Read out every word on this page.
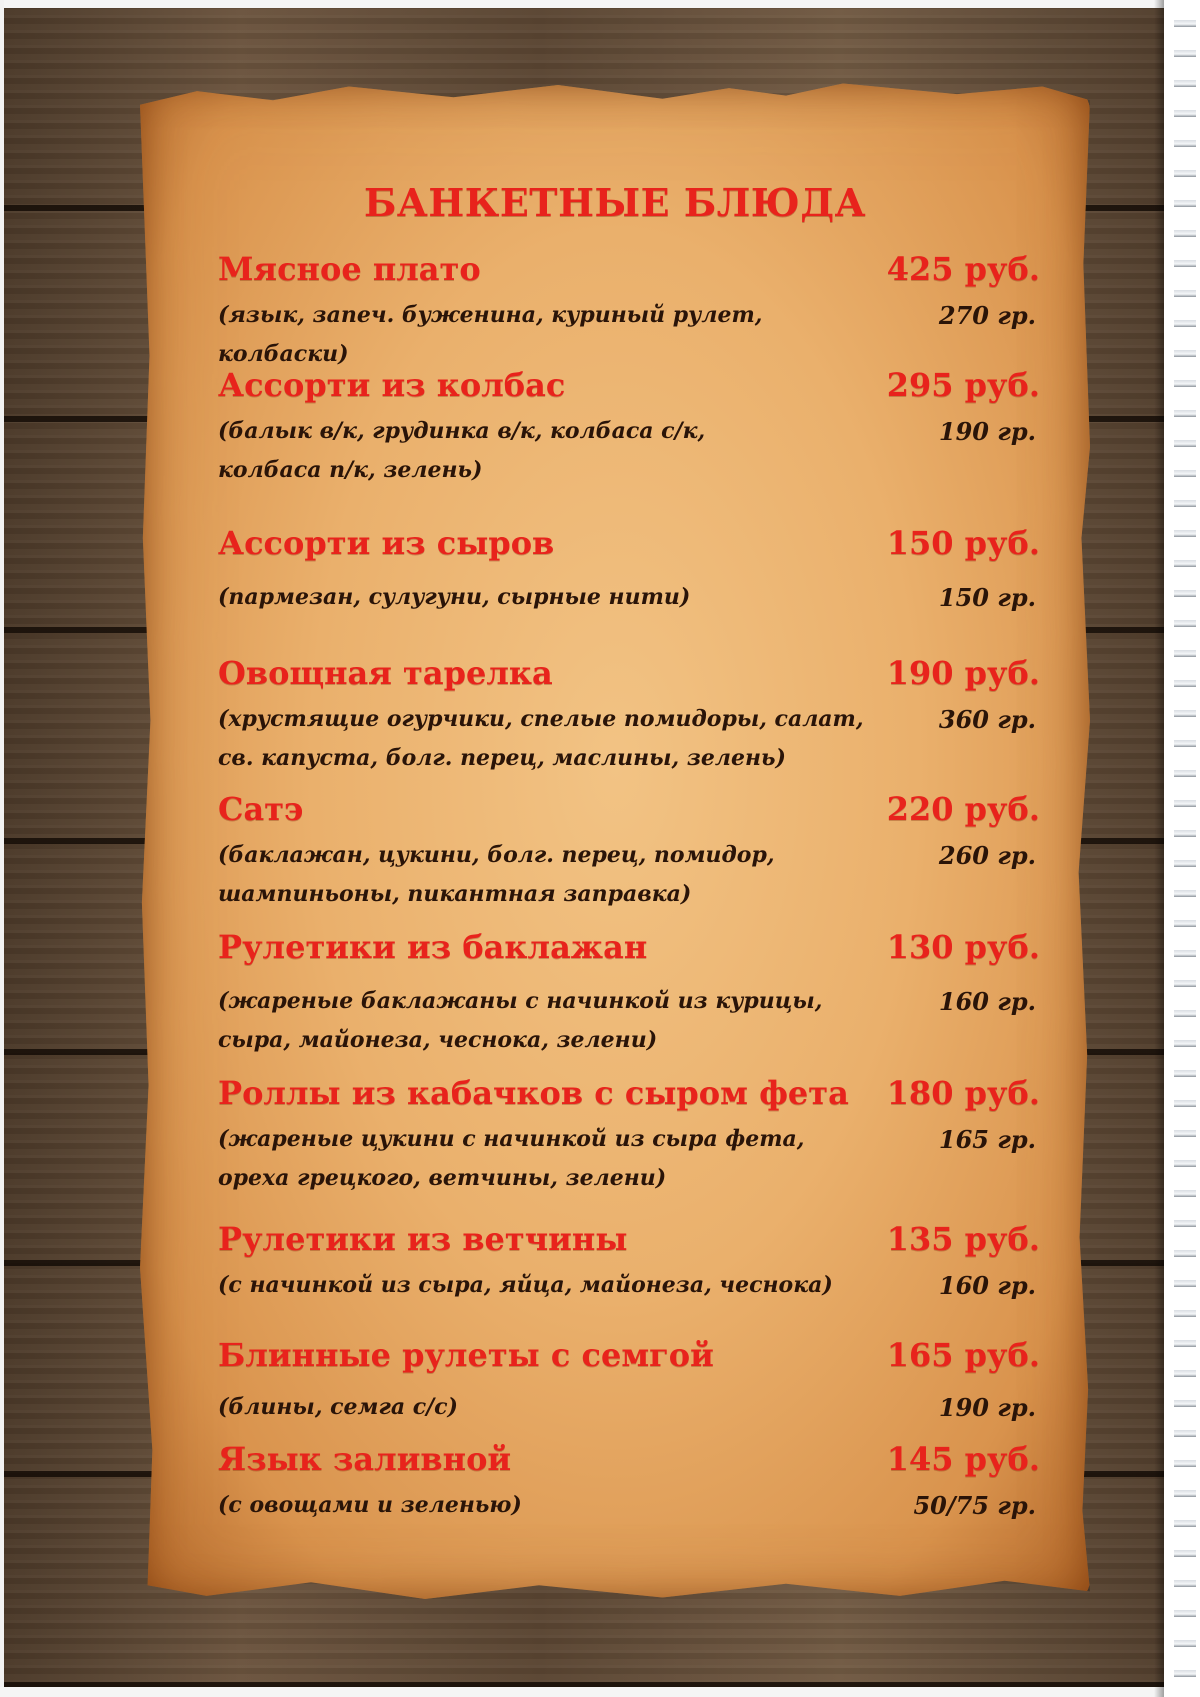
БАНКЕТНЫЕ БЛЮДА
Мясное плато	425 руб.
(язык, запеч. буженина, куриный рулет, колбаски)
270 гр.
Ассорти из колбас	295 руб.
(балык в/к, грудинка в/к, колбаса с/к,
колбаса п/к, зелень)
190 гр.
Ассорти из сыров	150 руб.
(пармезан, сулугуни, сырные нити)	150 гр.
Овощная тарелка	190 руб.
(хрустящие огурчики, спелые помидоры, салат,
св. капуста, болг. перец, маслины, зелень)
360 гр.
Сатэ	220 руб.
(баклажан, цукини, болг. перец, помидор,
шампиньоны, пикантная заправка)
260 гр.
Рулетики из баклажан	130 руб.
(жареные баклажаны с начинкой из курицы,
сыра, майонеза, чеснока, зелени)
160 гр.
Роллы из кабачков с сыром фета 180 руб.
(жареные цукини с начинкой из сыра фета,
ореха грецкого, ветчины, зелени)
165 гр.
Рулетики из ветчины	135 руб.
(с начинкой из сыра, яйца, майонеза, чеснока)	160 гр.
Блинные рулеты с семгой	165 руб.
(блины, семга с/с)	190 гр.
Язык заливной	145 руб.
(с овощами и зеленью)	50/75 гр.
